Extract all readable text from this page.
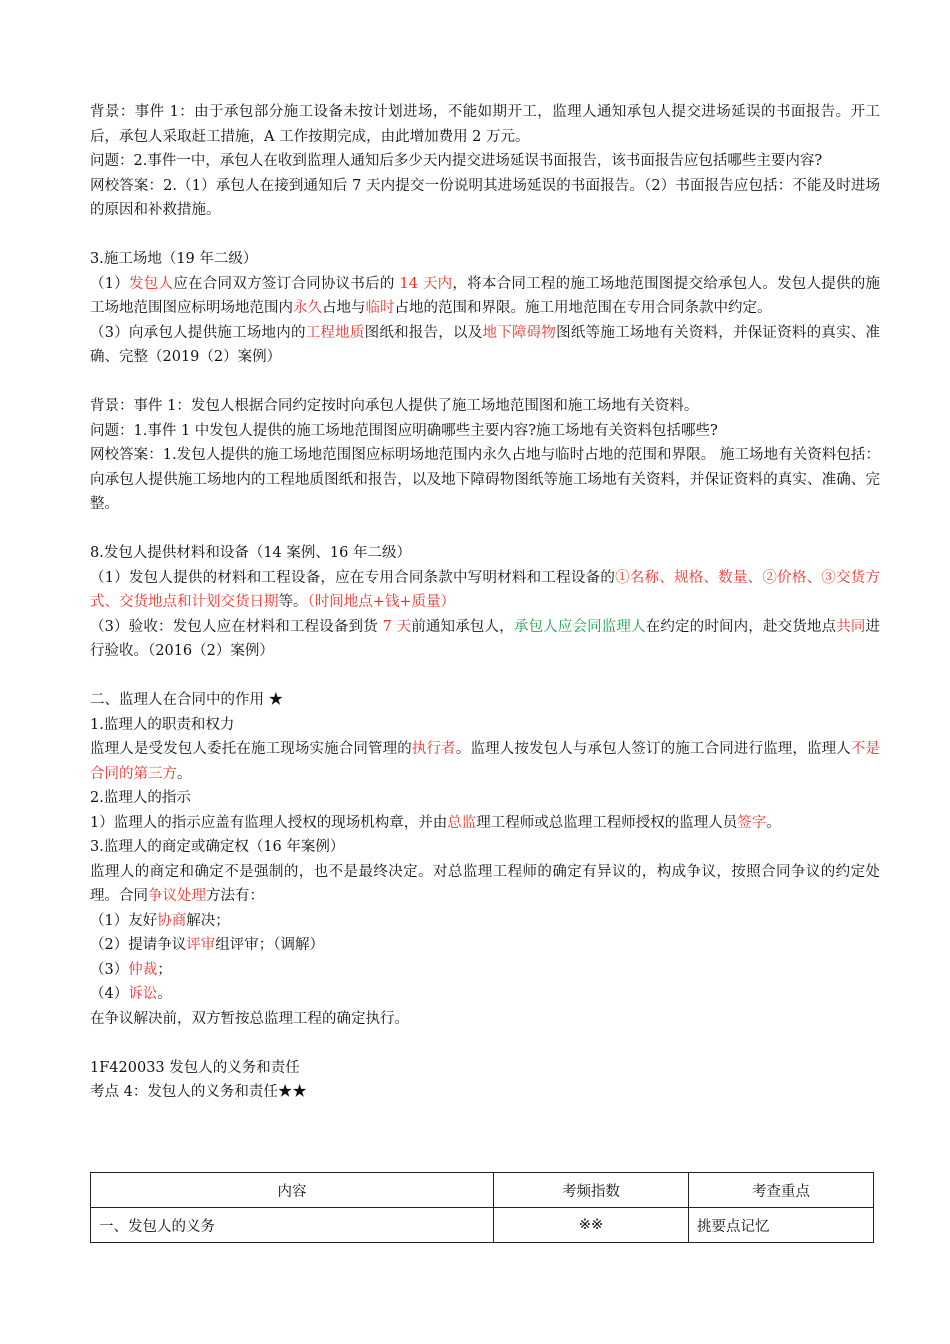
背景：事件 1：由于承包部分施工设备未按计划进场，不能如期开工，监理人通知承包人提交进场延误的书面报告。开工后，承包人采取赶工措施，A 工作按期完成，由此增加费用 2 万元。

问题：2.事件一中，承包人在收到监理人通知后多少天内提交进场延误书面报告，该书面报告应包括哪些主要内容?

网校答案：2.（1）承包人在接到通知后 7 天内提交一份说明其进场延误的书面报告。（2）书面报告应包括：不能及时进场的原因和补救措施。

3.施工场地（19 年二级）

（1）发包人应在合同双方签订合同协议书后的 14 天内，将本合同工程的施工场地范围图提交给承包人。发包人提供的施工场地范围图应标明场地范围内永久占地与临时占地的范围和界限。施工用地范围在专用合同条款中约定。

（3）向承包人提供施工场地内的工程地质图纸和报告，以及地下障碍物图纸等施工场地有关资料，并保证资料的真实、准确、完整（2019（2）案例）

背景：事件 1：发包人根据合同约定按时向承包人提供了施工场地范围图和施工场地有关资料。

问题：1.事件 1 中发包人提供的施工场地范围图应明确哪些主要内容?施工场地有关资料包括哪些?

网校答案：1.发包人提供的施工场地范围图应标明场地范围内永久占地与临时占地的范围和界限。 施工场地有关资料包括：向承包人提供施工场地内的工程地质图纸和报告，以及地下障碍物图纸等施工场地有关资料，并保证资料的真实、准确、完整。

8.发包人提供材料和设备（14 案例、16 年二级）

（1）发包人提供的材料和工程设备，应在专用合同条款中写明材料和工程设备的①名称、规格、数量、②价格、③交货方式、交货地点和计划交货日期等。（时间地点+钱+质量）

（3）验收：发包人应在材料和工程设备到货 7 天前通知承包人，承包人应会同监理人在约定的时间内，赴交货地点共同进行验收。（2016（2）案例）

二、监理人在合同中的作用 ★

1.监理人的职责和权力

监理人是受发包人委托在施工现场实施合同管理的执行者。监理人按发包人与承包人签订的施工合同进行监理，监理人不是合同的第三方。

2.监理人的指示

1）监理人的指示应盖有监理人授权的现场机构章，并由总监理工程师或总监理工程师授权的监理人员签字。

3.监理人的商定或确定权（16 年案例）

监理人的商定和确定不是强制的，也不是最终决定。对总监理工程师的确定有异议的，构成争议，按照合同争议的约定处理。合同争议处理方法有：

（1）友好协商解决；

（2）提请争议评审组评审；（调解）

（3）仲裁；

（4）诉讼。

在争议解决前，双方暂按总监理工程的确定执行。

1F420033 发包人的义务和责任

考点 4：发包人的义务和责任★★

内容	考频指数	考查重点
一、发包人的义务	※※	挑要点记忆
